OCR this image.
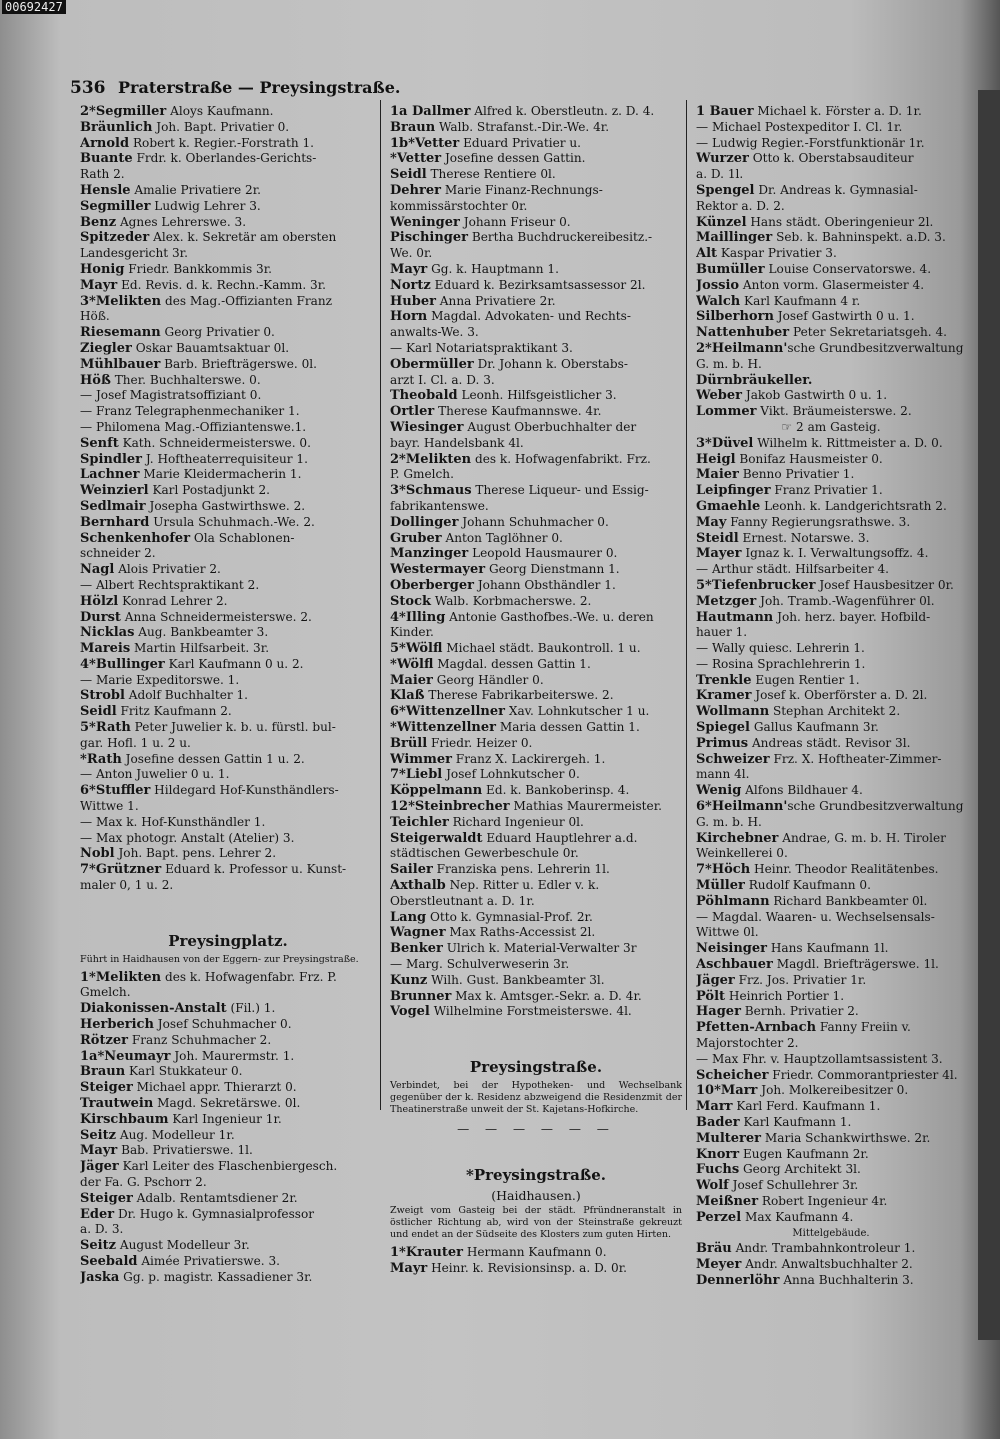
00692427
536 Praterstraße — Preysingstraße.
2*Segmiller Aloys Kaufmann.
Bräunlich Joh. Bapt. Privatier 0.
Arnold Robert k. Regier.-Forstrath 1.
Buante Frdr. k. Oberlandes-Gerichts-
Rath 2.
Hensle Amalie Privatiere 2r.
Segmiller Ludwig Lehrer 3.
Benz Agnes Lehrerswe. 3.
Spitzeder Alex. k. Sekretär am obersten
Landesgericht 3r.
Honig Friedr. Bankkommis 3r.
Mayr Ed. Revis. d. k. Rechn.-Kamm. 3r.
3*Melikten des Mag.-Offizianten Franz
Höß.
Riesemann Georg Privatier 0.
Ziegler Oskar Bauamtsaktuar 0l.
Mühlbauer Barb. Briefträgerswe. 0l.
Höß Ther. Buchhalterswe. 0.
— Josef Magistratsoffiziant 0.
— Franz Telegraphenmechaniker 1.
— Philomena Mag.-Offiziantenswe.1.
Senft Kath. Schneidermeisterswe. 0.
Spindler J. Hoftheaterrequisiteur 1.
Lachner Marie Kleidermacherin 1.
Weinzierl Karl Postadjunkt 2.
Sedlmair Josepha Gastwirthswe. 2.
Bernhard Ursula Schuhmach.-We. 2.
Schenkenhofer Ola Schablonen-
schneider 2.
Nagl Alois Privatier 2.
— Albert Rechtspraktikant 2.
Hölzl Konrad Lehrer 2.
Durst Anna Schneidermeisterswe. 2.
Nicklas Aug. Bankbeamter 3.
Mareis Martin Hilfsarbeit. 3r.
4*Bullinger Karl Kaufmann 0 u. 2.
— Marie Expeditorswe. 1.
Strobl Adolf Buchhalter 1.
Seidl Fritz Kaufmann 2.
5*Rath Peter Juwelier k. b. u. fürstl. bul-
gar. Hofl. 1 u. 2 u.
*Rath Josefine dessen Gattin 1 u. 2.
— Anton Juwelier 0 u. 1.
6*Stuffler Hildegard Hof-Kunsthändlers-
Wittwe 1.
— Max k. Hof-Kunsthändler 1.
— Max photogr. Anstalt (Atelier) 3.
Nobl Joh. Bapt. pens. Lehrer 2.
7*Grützner Eduard k. Professor u. Kunst-
maler 0, 1 u. 2.
Preysingplatz.
Führt in Haidhausen von der Eggern- zur Preysingstraße.
1*Melikten des k. Hofwagenfabr. Frz. P.
Gmelch.
Diakonissen-Anstalt (Fil.) 1.
Herberich Josef Schuhmacher 0.
Rötzer Franz Schuhmacher 2.
1a*Neumayr Joh. Maurermstr. 1.
Braun Karl Stukkateur 0.
Steiger Michael appr. Thierarzt 0.
Trautwein Magd. Sekretärswe. 0l.
Kirschbaum Karl Ingenieur 1r.
Seitz Aug. Modelleur 1r.
Mayr Bab. Privatierswe. 1l.
Jäger Karl Leiter des Flaschenbiergesch.
der Fa. G. Pschorr 2.
Steiger Adalb. Rentamtsdiener 2r.
Eder Dr. Hugo k. Gymnasialprofessor
a. D. 3.
Seitz August Modelleur 3r.
Seebald Aimée Privatierswe. 3.
Jaska Gg. p. magistr. Kassadiener 3r.
1a Dallmer Alfred k. Oberstleutn. z. D. 4.
Braun Walb. Strafanst.-Dir.-We. 4r.
1b*Vetter Eduard Privatier u.
*Vetter Josefine dessen Gattin.
Seidl Therese Rentiere 0l.
Dehrer Marie Finanz-Rechnungs-
kommissärstochter 0r.
Weninger Johann Friseur 0.
Pischinger Bertha Buchdruckereibesitz.-
We. 0r.
Mayr Gg. k. Hauptmann 1.
Nortz Eduard k. Bezirksamtsassessor 2l.
Huber Anna Privatiere 2r.
Horn Magdal. Advokaten- und Rechts-
anwalts-We. 3.
— Karl Notariatspraktikant 3.
Obermüller Dr. Johann k. Oberstabs-
arzt I. Cl. a. D. 3.
Theobald Leonh. Hilfsgeistlicher 3.
Ortler Therese Kaufmannswe. 4r.
Wiesinger August Oberbuchhalter der
bayr. Handelsbank 4l.
2*Melikten des k. Hofwagenfabrikt. Frz.
P. Gmelch.
3*Schmaus Therese Liqueur- und Essig-
fabrikantenswe.
Dollinger Johann Schuhmacher 0.
Gruber Anton Taglöhner 0.
Manzinger Leopold Hausmaurer 0.
Westermayer Georg Dienstmann 1.
Oberberger Johann Obsthändler 1.
Stock Walb. Korbmacherswe. 2.
4*Illing Antonie Gasthofbes.-We. u. deren
Kinder.
5*Wölfl Michael städt. Baukontroll. 1 u.
*Wölfl Magdal. dessen Gattin 1.
Maier Georg Händler 0.
Klaß Therese Fabrikarbeiterswe. 2.
6*Wittenzellner Xav. Lohnkutscher 1 u.
*Wittenzellner Maria dessen Gattin 1.
Brüll Friedr. Heizer 0.
Wimmer Franz X. Lackirergeh. 1.
7*Liebl Josef Lohnkutscher 0.
Köppelmann Ed. k. Bankoberinsp. 4.
12*Steinbrecher Mathias Maurermeister.
Teichler Richard Ingenieur 0l.
Steigerwaldt Eduard Hauptlehrer a.d.
städtischen Gewerbeschule 0r.
Sailer Franziska pens. Lehrerin 1l.
Axthalb Nep. Ritter u. Edler v. k.
Oberstleutnant a. D. 1r.
Lang Otto k. Gymnasial-Prof. 2r.
Wagner Max Raths-Accessist 2l.
Benker Ulrich k. Material-Verwalter 3r
— Marg. Schulverweserin 3r.
Kunz Wilh. Gust. Bankbeamter 3l.
Brunner Max k. Amtsger.-Sekr. a. D. 4r.
Vogel Wilhelmine Forstmeisterswe. 4l.
Preysingstraße.
Verbindet, bei der Hypotheken- und Wechselbank gegenüber der k. Residenz abzweigend die Residenzmit der Theatinerstraße unweit der St. Kajetans-Hofkirche.
— — — — — —
*Preysingstraße.
(Haidhausen.)
Zweigt vom Gasteig bei der städt. Pfründneranstalt in östlicher Richtung ab, wird von der Steinstraße gekreuzt und endet an der Südseite des Klosters zum guten Hirten.
1*Krauter Hermann Kaufmann 0.
Mayr Heinr. k. Revisionsinsp. a. D. 0r.
1 Bauer Michael k. Förster a. D. 1r.
— Michael Postexpeditor I. Cl. 1r.
— Ludwig Regier.-Forstfunktionär 1r.
Wurzer Otto k. Oberstabsauditeur
a. D. 1l.
Spengel Dr. Andreas k. Gymnasial-
Rektor a. D. 2.
Künzel Hans städt. Oberingenieur 2l.
Maillinger Seb. k. Bahninspekt. a.D. 3.
Alt Kaspar Privatier 3.
Bumüller Louise Conservatorswe. 4.
Jossio Anton vorm. Glasermeister 4.
Walch Karl Kaufmann 4 r.
Silberhorn Josef Gastwirth 0 u. 1.
Nattenhuber Peter Sekretariatsgeh. 4.
2*Heilmann'sche Grundbesitzverwaltung
G. m. b. H.
Dürnbräukeller.
Weber Jakob Gastwirth 0 u. 1.
Lommer Vikt. Bräumeisterswe. 2.
☞ 2 am Gasteig.
3*Düvel Wilhelm k. Rittmeister a. D. 0.
Heigl Bonifaz Hausmeister 0.
Maier Benno Privatier 1.
Leipfinger Franz Privatier 1.
Gmaehle Leonh. k. Landgerichtsrath 2.
May Fanny Regierungsrathswe. 3.
Steidl Ernest. Notarswe. 3.
Mayer Ignaz k. I. Verwaltungsoffz. 4.
— Arthur städt. Hilfsarbeiter 4.
5*Tiefenbrucker Josef Hausbesitzer 0r.
Metzger Joh. Tramb.-Wagenführer 0l.
Hautmann Joh. herz. bayer. Hofbild-
hauer 1.
— Wally quiesc. Lehrerin 1.
— Rosina Sprachlehrerin 1.
Trenkle Eugen Rentier 1.
Kramer Josef k. Oberförster a. D. 2l.
Wollmann Stephan Architekt 2.
Spiegel Gallus Kaufmann 3r.
Primus Andreas städt. Revisor 3l.
Schweizer Frz. X. Hoftheater-Zimmer-
mann 4l.
Wenig Alfons Bildhauer 4.
6*Heilmann'sche Grundbesitzverwaltung
G. m. b. H.
Kirchebner Andrae, G. m. b. H. Tiroler
Weinkellerei 0.
7*Höch Heinr. Theodor Realitätenbes.
Müller Rudolf Kaufmann 0.
Pöhlmann Richard Bankbeamter 0l.
— Magdal. Waaren- u. Wechselsensals-
Wittwe 0l.
Neisinger Hans Kaufmann 1l.
Aschbauer Magdl. Briefträgerswe. 1l.
Jäger Frz. Jos. Privatier 1r.
Pölt Heinrich Portier 1.
Hager Bernh. Privatier 2.
Pfetten-Arnbach Fanny Freiin v.
Majorstochter 2.
— Max Fhr. v. Hauptzollamtsassistent 3.
Scheicher Friedr. Commorantpriester 4l.
10*Marr Joh. Molkereibesitzer 0.
Marr Karl Ferd. Kaufmann 1.
Bader Karl Kaufmann 1.
Multerer Maria Schankwirthswe. 2r.
Knorr Eugen Kaufmann 2r.
Fuchs Georg Architekt 3l.
Wolf Josef Schullehrer 3r.
Meißner Robert Ingenieur 4r.
Perzel Max Kaufmann 4.
Mittelgebäude.
Bräu Andr. Trambahnkontroleur 1.
Meyer Andr. Anwaltsbuchhalter 2.
Dennerlöhr Anna Buchhalterin 3.
